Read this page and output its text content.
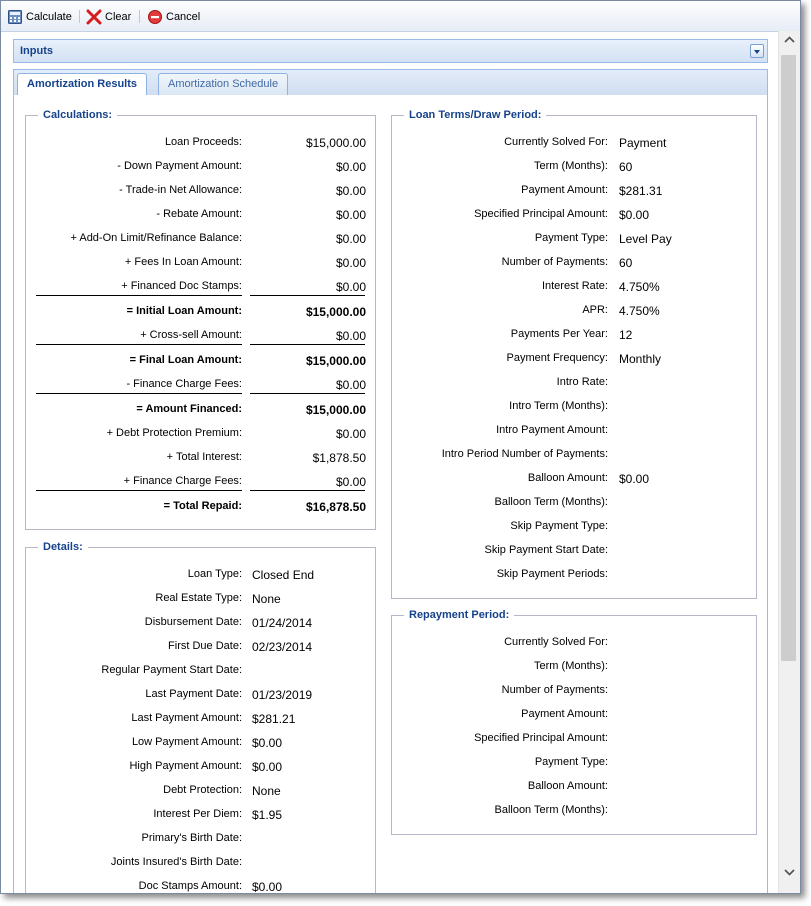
Calculate	Clear	Cancel
Inputs
Amortization Results	Amortization Schedule
Calculations:
Loan Proceeds:	$15,000.00
- Down Payment Amount:	$0.00
- Trade-in Net Allowance:	$0.00
- Rebate Amount:	$0.00
+ Add-On Limit/Refinance Balance:	$0.00
+ Fees In Loan Amount:	$0.00
+ Financed Doc Stamps:	$0.00
= Initial Loan Amount:	$15,000.00
+ Cross-sell Amount:	$0.00
= Final Loan Amount:	$15,000.00
- Finance Charge Fees:	$0.00
= Amount Financed:	$15,000.00
+ Debt Protection Premium:	$0.00
+ Total Interest:	$1,878.50
+ Finance Charge Fees:	$0.00
= Total Repaid:	$16,878.50
Details:
Loan Type: Closed End
Real Estate Type: None
Disbursement Date: 01/24/2014
First Due Date: 02/23/2014
Regular Payment Start Date:
Last Payment Date: 01/23/2019
Last Payment Amount: $281.21
Low Payment Amount: $0.00
High Payment Amount: $0.00
Debt Protection: None
Interest Per Diem: $1.95
Primary's Birth Date:
Joints Insured's Birth Date:
Doc Stamps Amount: $0.00
Loan Terms/Draw Period:
Currently Solved For: Payment
Term (Months): 60
Payment Amount: $281.31
Specified Principal Amount: $0.00
Payment Type: Level Pay
Number of Payments: 60
Interest Rate: 4.750%
APR: 4.750%
Payments Per Year: 12
Payment Frequency: Monthly
Intro Rate:
Intro Term (Months):
Intro Payment Amount:
Intro Period Number of Payments:
Balloon Amount: $0.00
Balloon Term (Months):
Skip Payment Type:
Skip Payment Start Date:
Skip Payment Periods:
Repayment Period:
Currently Solved For:
Term (Months):
Number of Payments:
Payment Amount:
Specified Principal Amount:
Payment Type:
Balloon Amount:
Balloon Term (Months):
